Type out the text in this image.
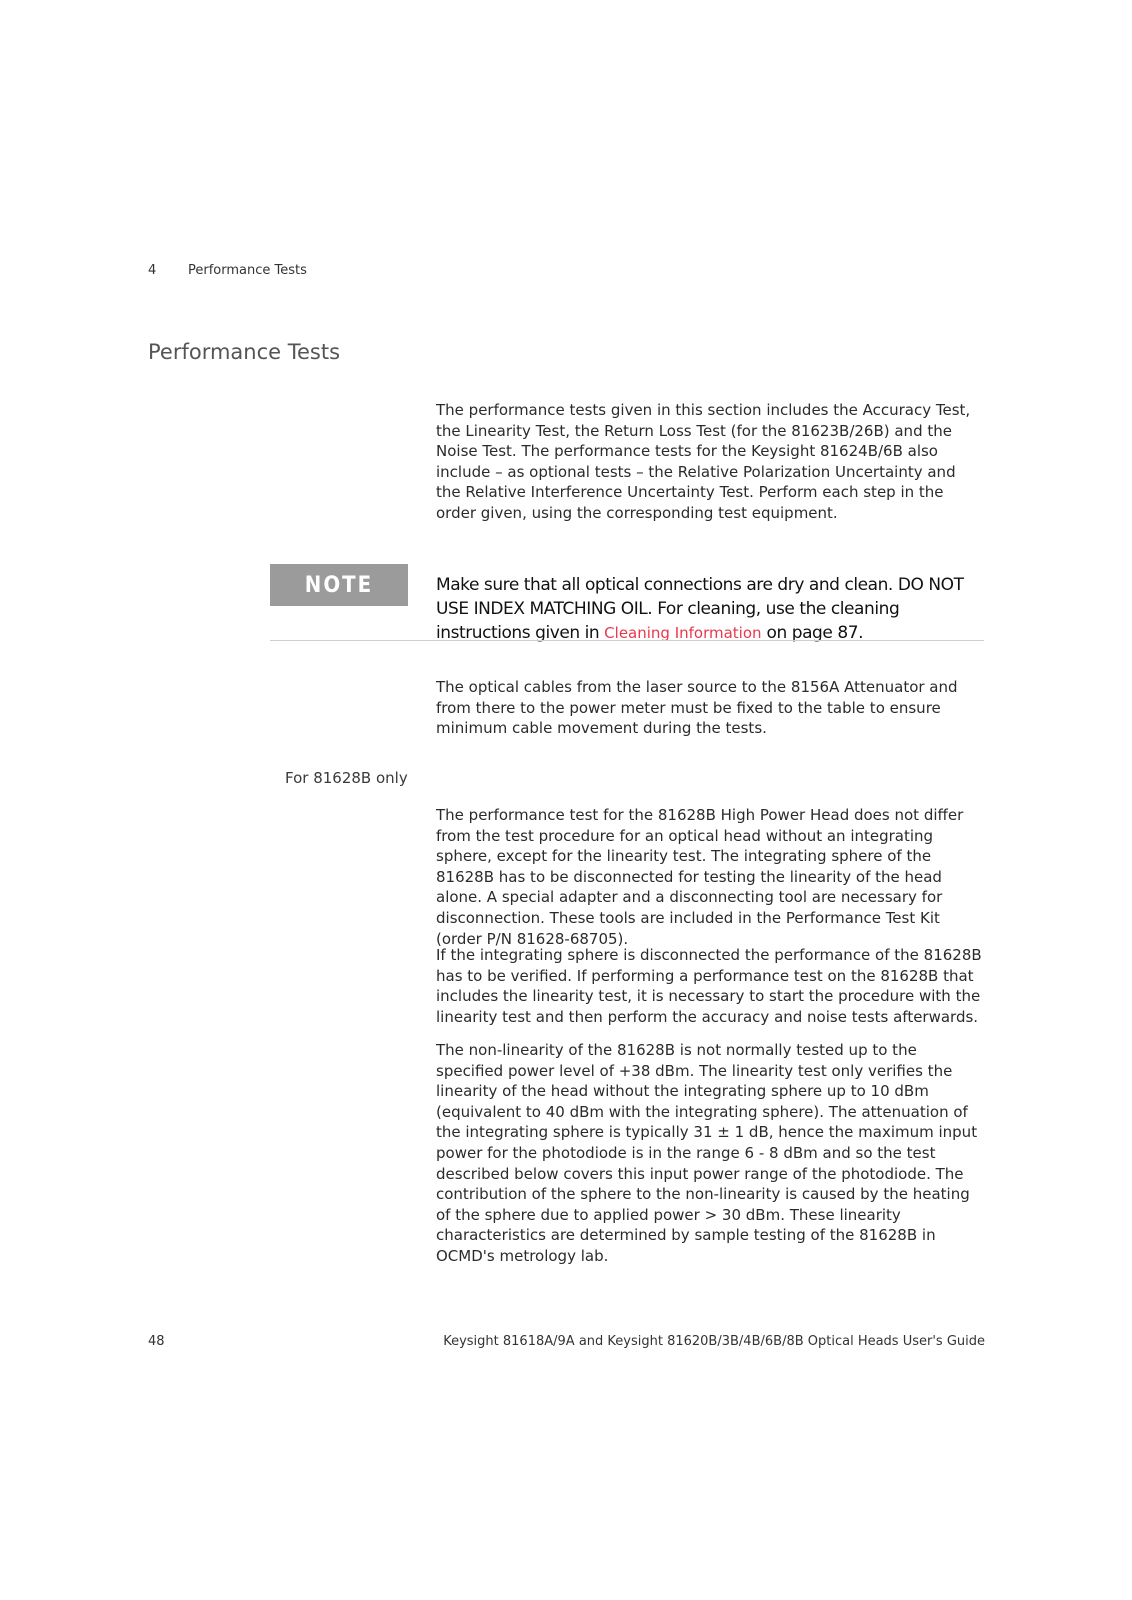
4 Performance Tests
Performance Tests

The performance tests given in this section includes the Accuracy Test, the Linearity Test, the Return Loss Test (for the 81623B/26B) and the Noise Test. The performance tests for the Keysight 81624B/6B also include – as optional tests – the Relative Polarization Uncertainty and the Relative Interference Uncertainty Test. Perform each step in the order given, using the corresponding test equipment.

NOTE	Make sure that all optical connections are dry and clean. DO NOT USE INDEX MATCHING OIL. For cleaning, use the cleaning instructions given in Cleaning Information on page 87.

The optical cables from the laser source to the 8156A Attenuator and from there to the power meter must be fixed to the table to ensure minimum cable movement during the tests.

For 81628B only

The performance test for the 81628B High Power Head does not differ from the test procedure for an optical head without an integrating sphere, except for the linearity test. The integrating sphere of the 81628B has to be disconnected for testing the linearity of the head alone. A special adapter and a disconnecting tool are necessary for disconnection. These tools are included in the Performance Test Kit (order P/N 81628-68705).

If the integrating sphere is disconnected the performance of the 81628B has to be verified. If performing a performance test on the 81628B that includes the linearity test, it is necessary to start the procedure with the linearity test and then perform the accuracy and noise tests afterwards.

The non-linearity of the 81628B is not normally tested up to the specified power level of +38 dBm. The linearity test only verifies the linearity of the head without the integrating sphere up to 10 dBm (equivalent to 40 dBm with the integrating sphere). The attenuation of the integrating sphere is typically 31 ± 1 dB, hence the maximum input power for the photodiode is in the range 6 - 8 dBm and so the test described below covers this input power range of the photodiode. The contribution of the sphere to the non-linearity is caused by the heating of the sphere due to applied power > 30 dBm. These linearity characteristics are determined by sample testing of the 81628B in OCMD's metrology lab.

48	Keysight 81618A/9A and Keysight 81620B/3B/4B/6B/8B Optical Heads User's Guide
